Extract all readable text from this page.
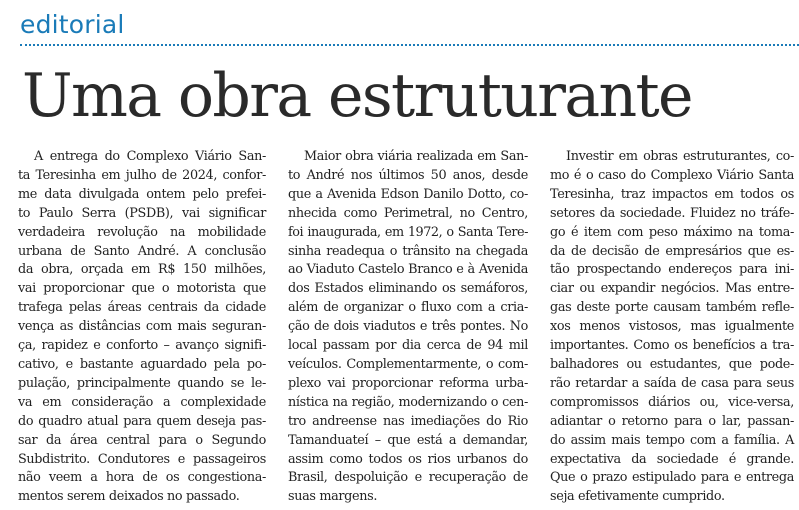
editorial
Uma obra estruturante
A entrega do Complexo Viário San-
ta Teresinha em julho de 2024, confor-
me data divulgada ontem pelo prefei-
to Paulo Serra (PSDB), vai significar
verdadeira revolução na mobilidade
urbana de Santo André. A conclusão
da obra, orçada em R$ 150 milhões,
vai proporcionar que o motorista que
trafega pelas áreas centrais da cidade
vença as distâncias com mais seguran-
ça, rapidez e conforto – avanço signifi-
cativo, e bastante aguardado pela po-
pulação, principalmente quando se le-
va em consideração a complexidade
do quadro atual para quem deseja pas-
sar da área central para o Segundo
Subdistrito. Condutores e passageiros
não veem a hora de os congestiona-
mentos serem deixados no passado.
Maior obra viária realizada em San-
to André nos últimos 50 anos, desde
que a Avenida Edson Danilo Dotto, co-
nhecida como Perimetral, no Centro,
foi inaugurada, em 1972, o Santa Tere-
sinha readequa o trânsito na chegada
ao Viaduto Castelo Branco e à Avenida
dos Estados eliminando os semáforos,
além de organizar o fluxo com a cria-
ção de dois viadutos e três pontes. No
local passam por dia cerca de 94 mil
veículos. Complementarmente, o com-
plexo vai proporcionar reforma urba-
nística na região, modernizando o cen-
tro andreense nas imediações do Rio
Tamanduateí – que está a demandar,
assim como todos os rios urbanos do
Brasil, despoluição e recuperação de
suas margens.
Investir em obras estruturantes, co-
mo é o caso do Complexo Viário Santa
Teresinha, traz impactos em todos os
setores da sociedade. Fluidez no tráfe-
go é item com peso máximo na toma-
da de decisão de empresários que es-
tão prospectando endereços para ini-
ciar ou expandir negócios. Mas entre-
gas deste porte causam também refle-
xos menos vistosos, mas igualmente
importantes. Como os benefícios a tra-
balhadores ou estudantes, que pode-
rão retardar a saída de casa para seus
compromissos diários ou, vice-versa,
adiantar o retorno para o lar, passan-
do assim mais tempo com a família. A
expectativa da sociedade é grande.
Que o prazo estipulado para e entrega
seja efetivamente cumprido.
